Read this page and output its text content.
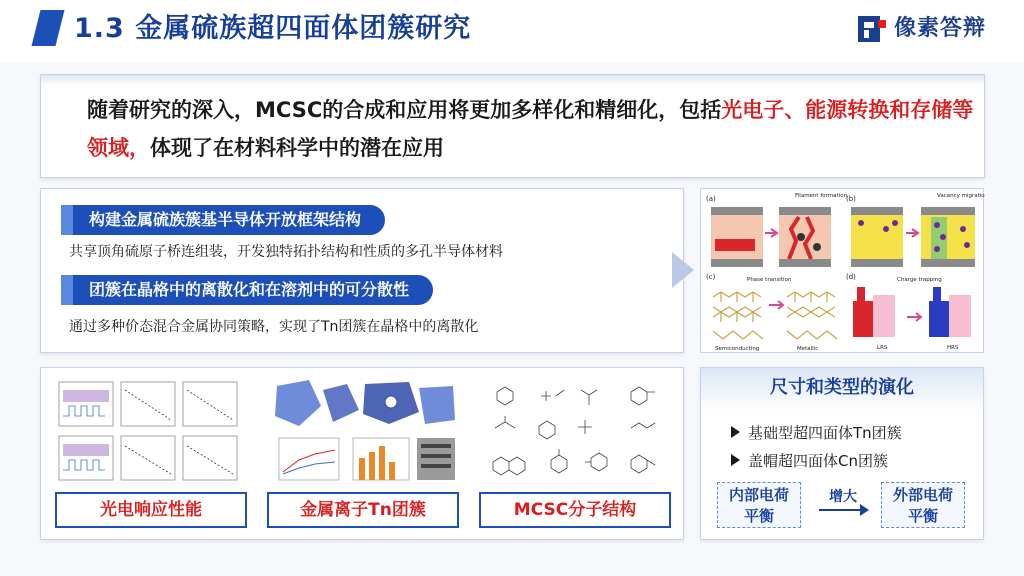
1.3 金属硫族超四面体团簇研究	像素答辩

随着研究的深入，MCSC的合成和应用将更加多样化和精细化，包括光电子、能源转换和存储等领域，体现了在材料科学中的潜在应用

构建金属硫族簇基半导体开放框架结构
共享顶角硫原子桥连组装，开发独特拓扑结构和性质的多孔半导体材料
团簇在晶格中的离散化和在溶剂中的可分散性
通过多种价态混合金属协同策略，实现了Tn团簇在晶格中的离散化
(a)	Filament formation
(b)	Vacancy migration
(c)	Phase transition
Semiconducting	Metallic
(d)	Charge trapping
LRS	HRS
光电响应性能	金属离子Tn团簇	MCSC分子结构
尺寸和类型的演化
基础型超四面体Tn团簇
盖帽超四面体Cn团簇
内部电荷
平衡
增大	外部电荷
平衡
